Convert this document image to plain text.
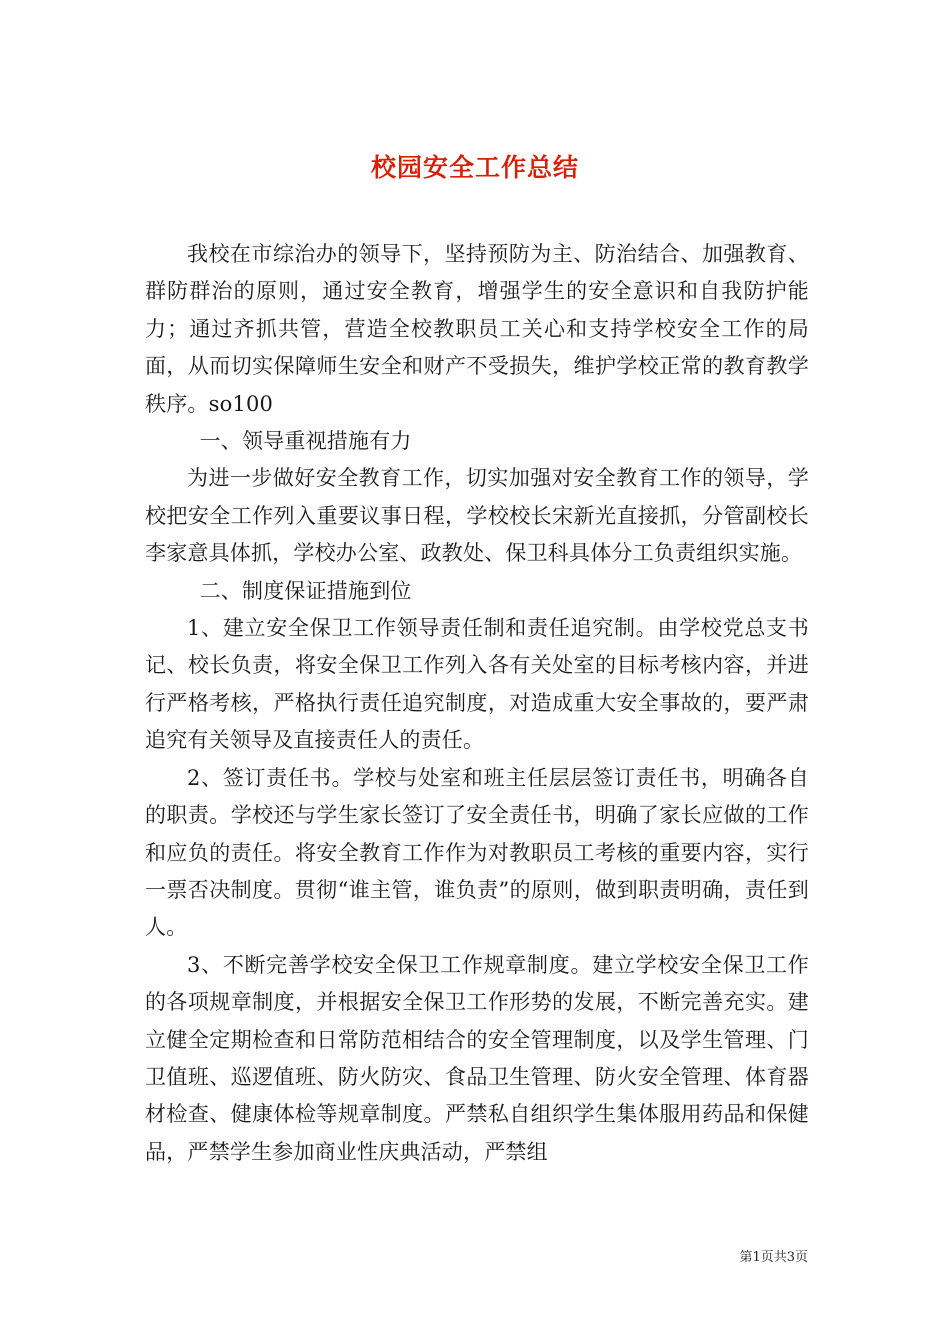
校园安全工作总结

我校在市综治办的领导下，坚持预防为主、防治结合、加强教育、群防群治的原则，通过安全教育，增强学生的安全意识和自我防护能力；通过齐抓共管，营造全校教职员工关心和支持学校安全工作的局面，从而切实保障师生安全和财产不受损失，维护学校正常的教育教学秩序。so100

一、领导重视措施有力

为进一步做好安全教育工作，切实加强对安全教育工作的领导，学校把安全工作列入重要议事日程，学校校长宋新光直接抓，分管副校长李家意具体抓，学校办公室、政教处、保卫科具体分工负责组织实施。

二、制度保证措施到位

1、建立安全保卫工作领导责任制和责任追究制。由学校党总支书记、校长负责，将安全保卫工作列入各有关处室的目标考核内容，并进行严格考核，严格执行责任追究制度，对造成重大安全事故的，要严肃追究有关领导及直接责任人的责任。

2、签订责任书。学校与处室和班主任层层签订责任书，明确各自的职责。学校还与学生家长签订了安全责任书，明确了家长应做的工作和应负的责任。将安全教育工作作为对教职员工考核的重要内容，实行一票否决制度。贯彻“谁主管，谁负责”的原则，做到职责明确，责任到人。

3、不断完善学校安全保卫工作规章制度。建立学校安全保卫工作的各项规章制度，并根据安全保卫工作形势的发展，不断完善充实。建立健全定期检查和日常防范相结合的安全管理制度，以及学生管理、门卫值班、巡逻值班、防火防灾、食品卫生管理、防火安全管理、体育器材检查、健康体检等规章制度。严禁私自组织学生集体服用药品和保健品，严禁学生参加商业性庆典活动，严禁组

第1页共3页
